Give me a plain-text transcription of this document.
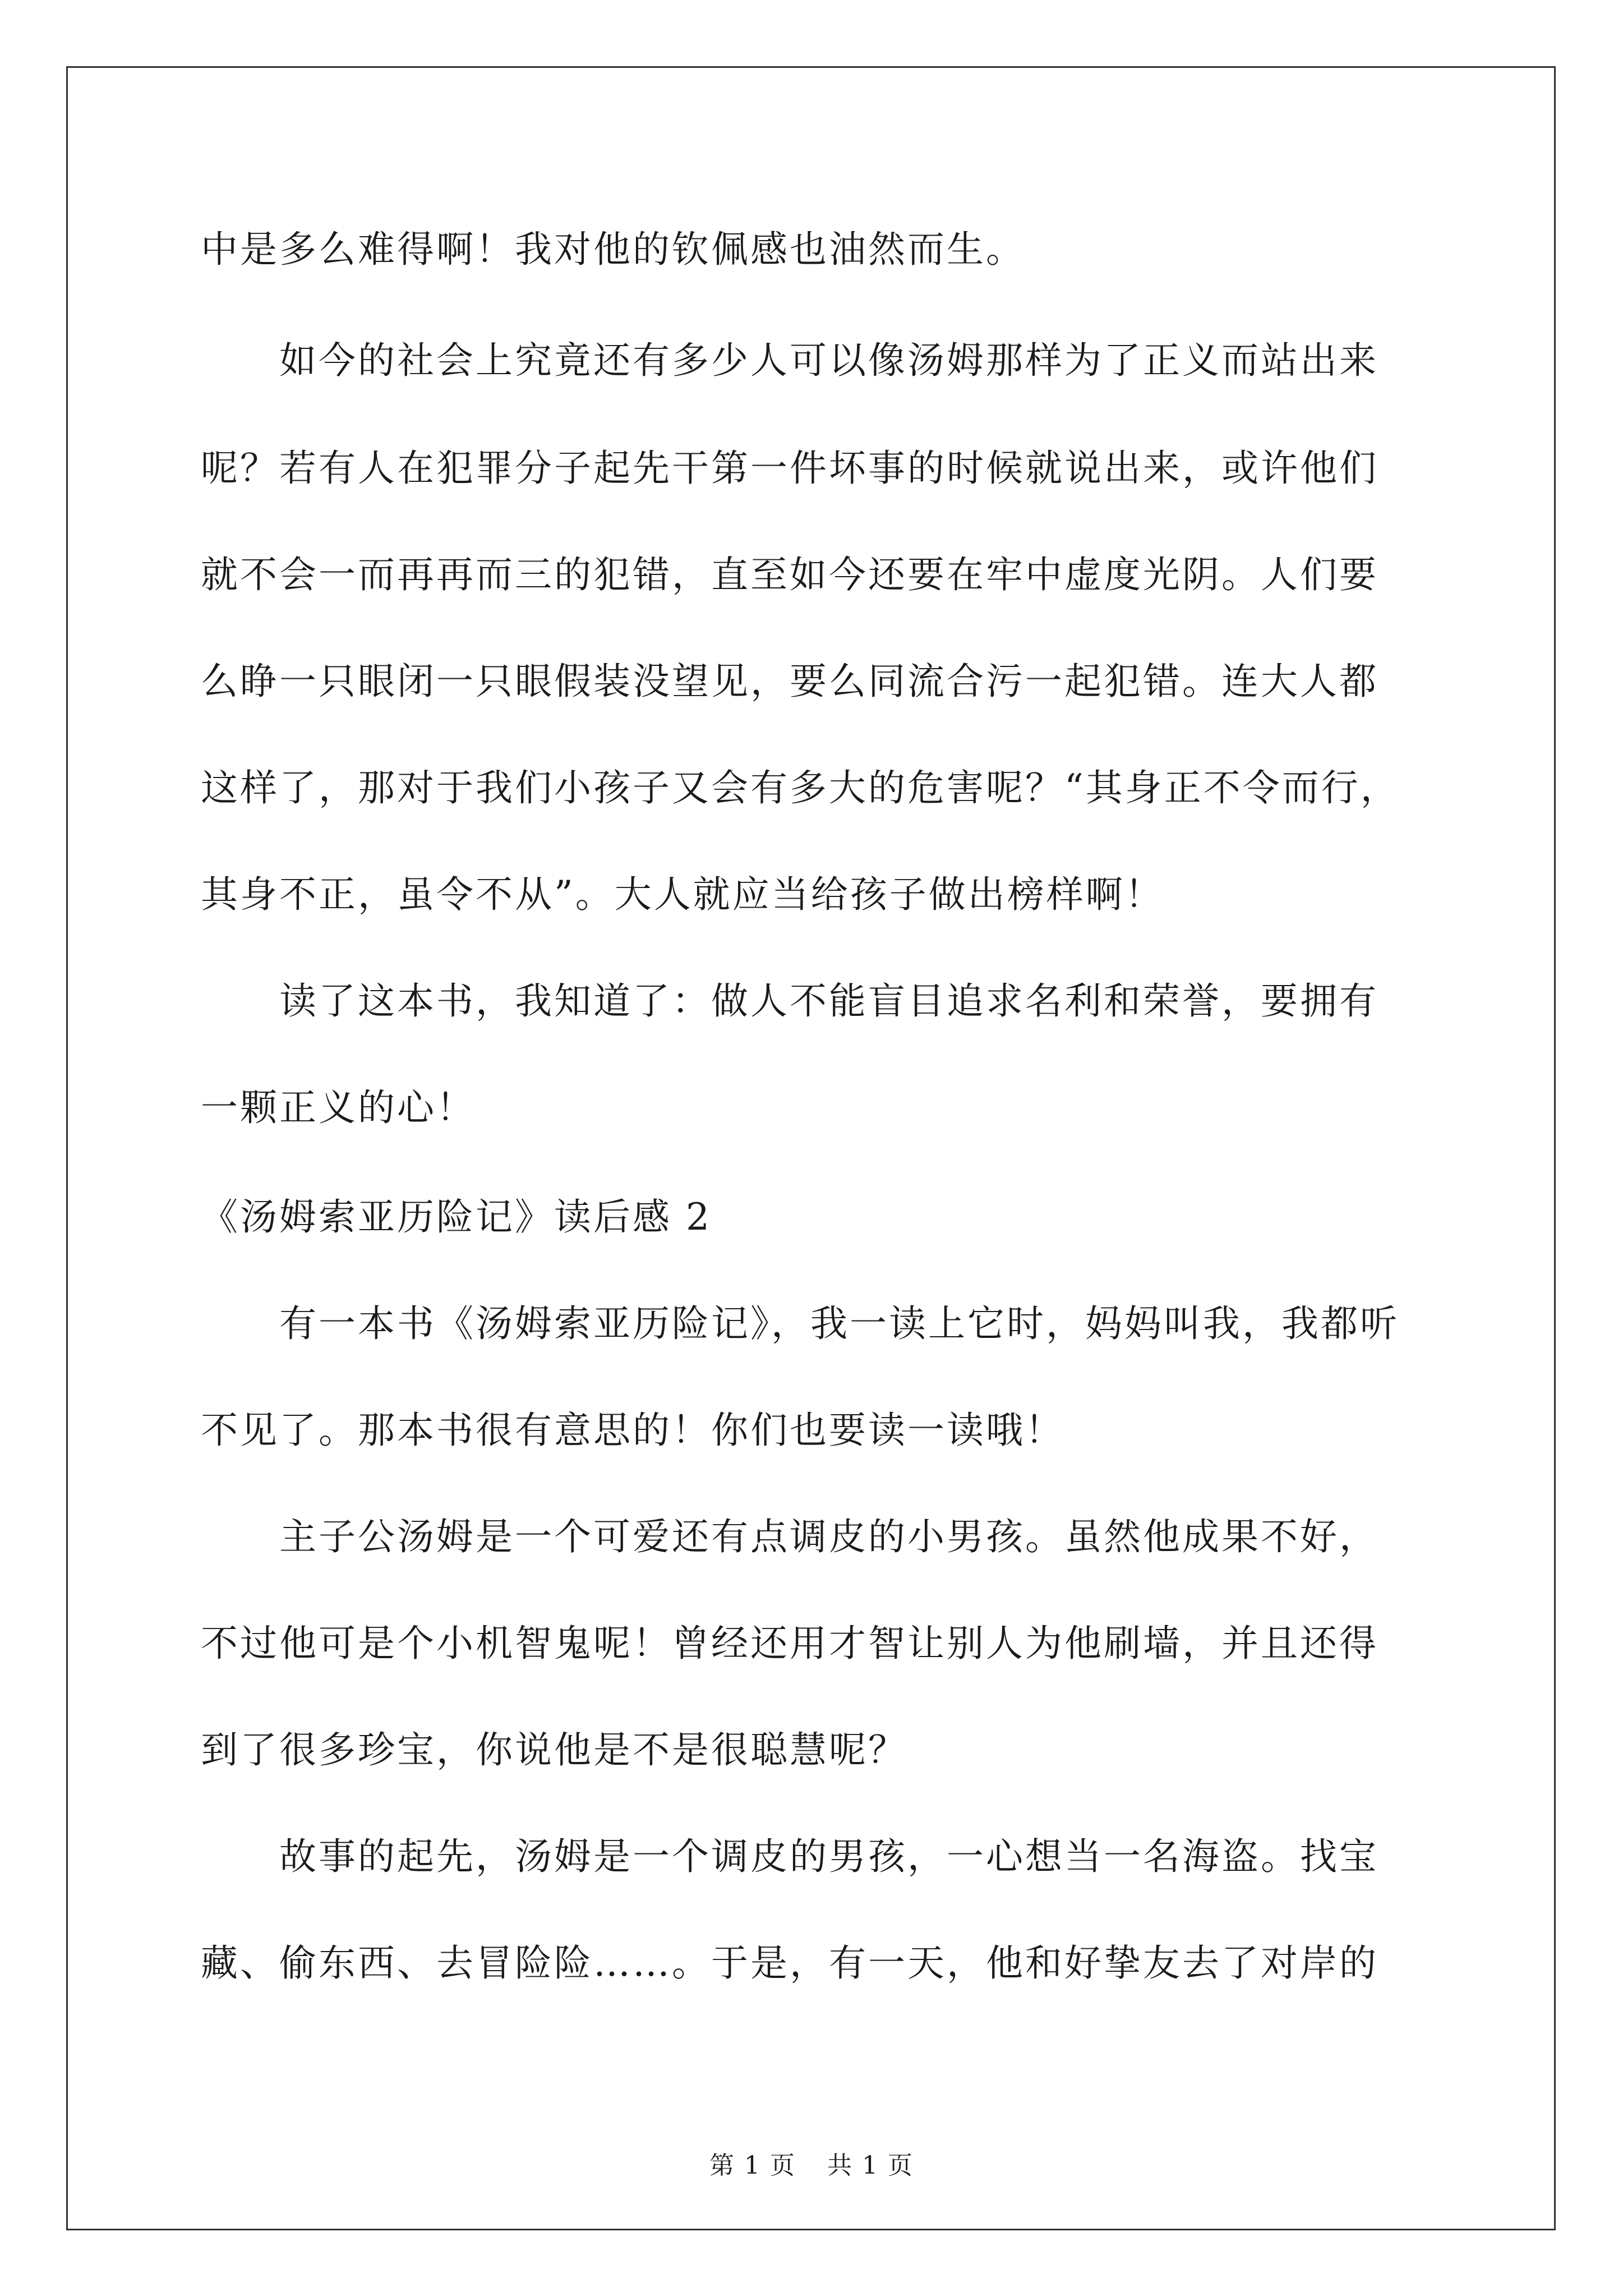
中是多么难得啊！我对他的钦佩感也油然而生。
如今的社会上究竟还有多少人可以像汤姆那样为了正义而站出来
呢？若有人在犯罪分子起先干第一件坏事的时候就说出来，或许他们
就不会一而再再而三的犯错，直至如今还要在牢中虚度光阴。人们要
么睁一只眼闭一只眼假装没望见，要么同流合污一起犯错。连大人都
这样了，那对于我们小孩子又会有多大的危害呢？“其身正不令而行，
其身不正，虽令不从”。大人就应当给孩子做出榜样啊！
读了这本书，我知道了：做人不能盲目追求名利和荣誉，要拥有
一颗正义的心！
《汤姆索亚历险记》读后感 2
有一本书《汤姆索亚历险记》，我一读上它时，妈妈叫我，我都听
不见了。那本书很有意思的！你们也要读一读哦！
主子公汤姆是一个可爱还有点调皮的小男孩。虽然他成果不好，
不过他可是个小机智鬼呢！曾经还用才智让别人为他刷墙，并且还得
到了很多珍宝，你说他是不是很聪慧呢？
故事的起先，汤姆是一个调皮的男孩，一心想当一名海盗。找宝
藏、偷东西、去冒险险……。于是，有一天，他和好挚友去了对岸的
第 1 页 共 1 页
